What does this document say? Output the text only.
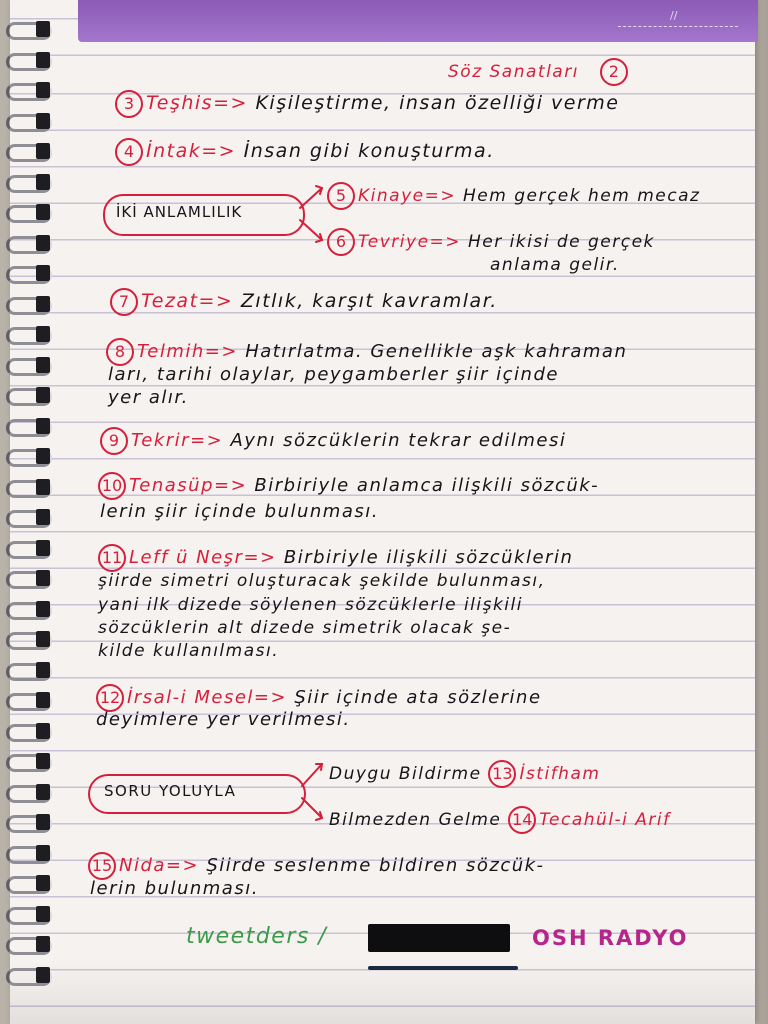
//
Söz Sanatları 2
3 Teşhis=> Kişileştirme, insan özelliği verme
4 İntak=> İnsan gibi konuşturma.
İKİ ANLAMLILIK
5 Kinaye=> Hem gerçek hem mecaz
6 Tevriye=> Her ikisi de gerçek
anlama gelir.
7 Tezat=> Zıtlık, karşıt kavramlar.
8 Telmih=> Hatırlatma. Genellikle aşk kahraman
ları, tarihi olaylar, peygamberler şiir içinde
yer alır.
9 Tekrir=> Aynı sözcüklerin tekrar edilmesi
10 Tenasüp=> Birbiriyle anlamca ilişkili sözcük-
lerin şiir içinde bulunması.
11 Leff ü Neşr=> Birbiriyle ilişkili sözcüklerin
şiirde simetri oluşturacak şekilde bulunması,
yani ilk dizede söylenen sözcüklerle ilişkili
sözcüklerin alt dizede simetrik olacak şe-
kilde kullanılması.
12 İrsal-i Mesel=> Şiir içinde ata sözlerine
deyimlere yer verilmesi.
SORU YOLUYLA
Duygu Bildirme 13 İstifham
Bilmezden Gelme 14 Tecahül-i Arif
15 Nida=> Şiirde seslenme bildiren sözcük-
lerin bulunması.
tweetders /	OSH RADYO
